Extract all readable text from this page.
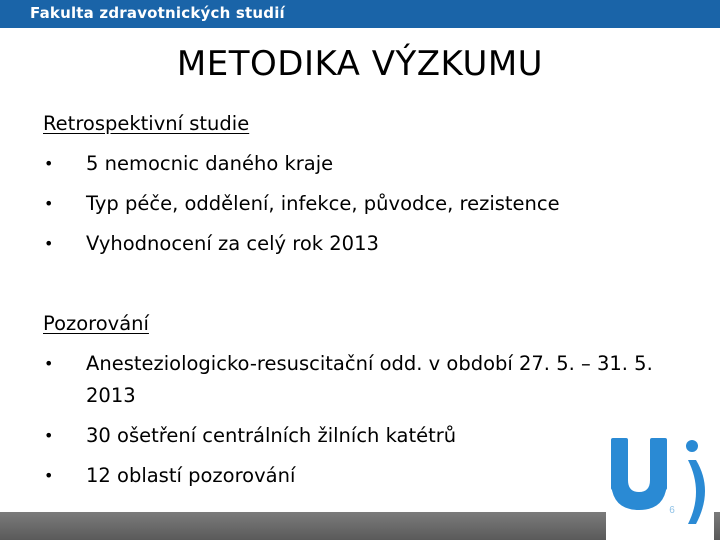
Fakulta zdravotnických studií
METODIKA VÝZKUMU
Retrospektivní studie
• 5 nemocnic daného kraje
• Typ péče, oddělení, infekce, původce, rezistence
• Vyhodnocení za celý rok 2013
Pozorování
• Anesteziologicko-resuscitační odd. v období 27. 5. – 31. 5. 2013
• 30 ošetření centrálních žilních katétrů
• 12 oblastí pozorování
6
